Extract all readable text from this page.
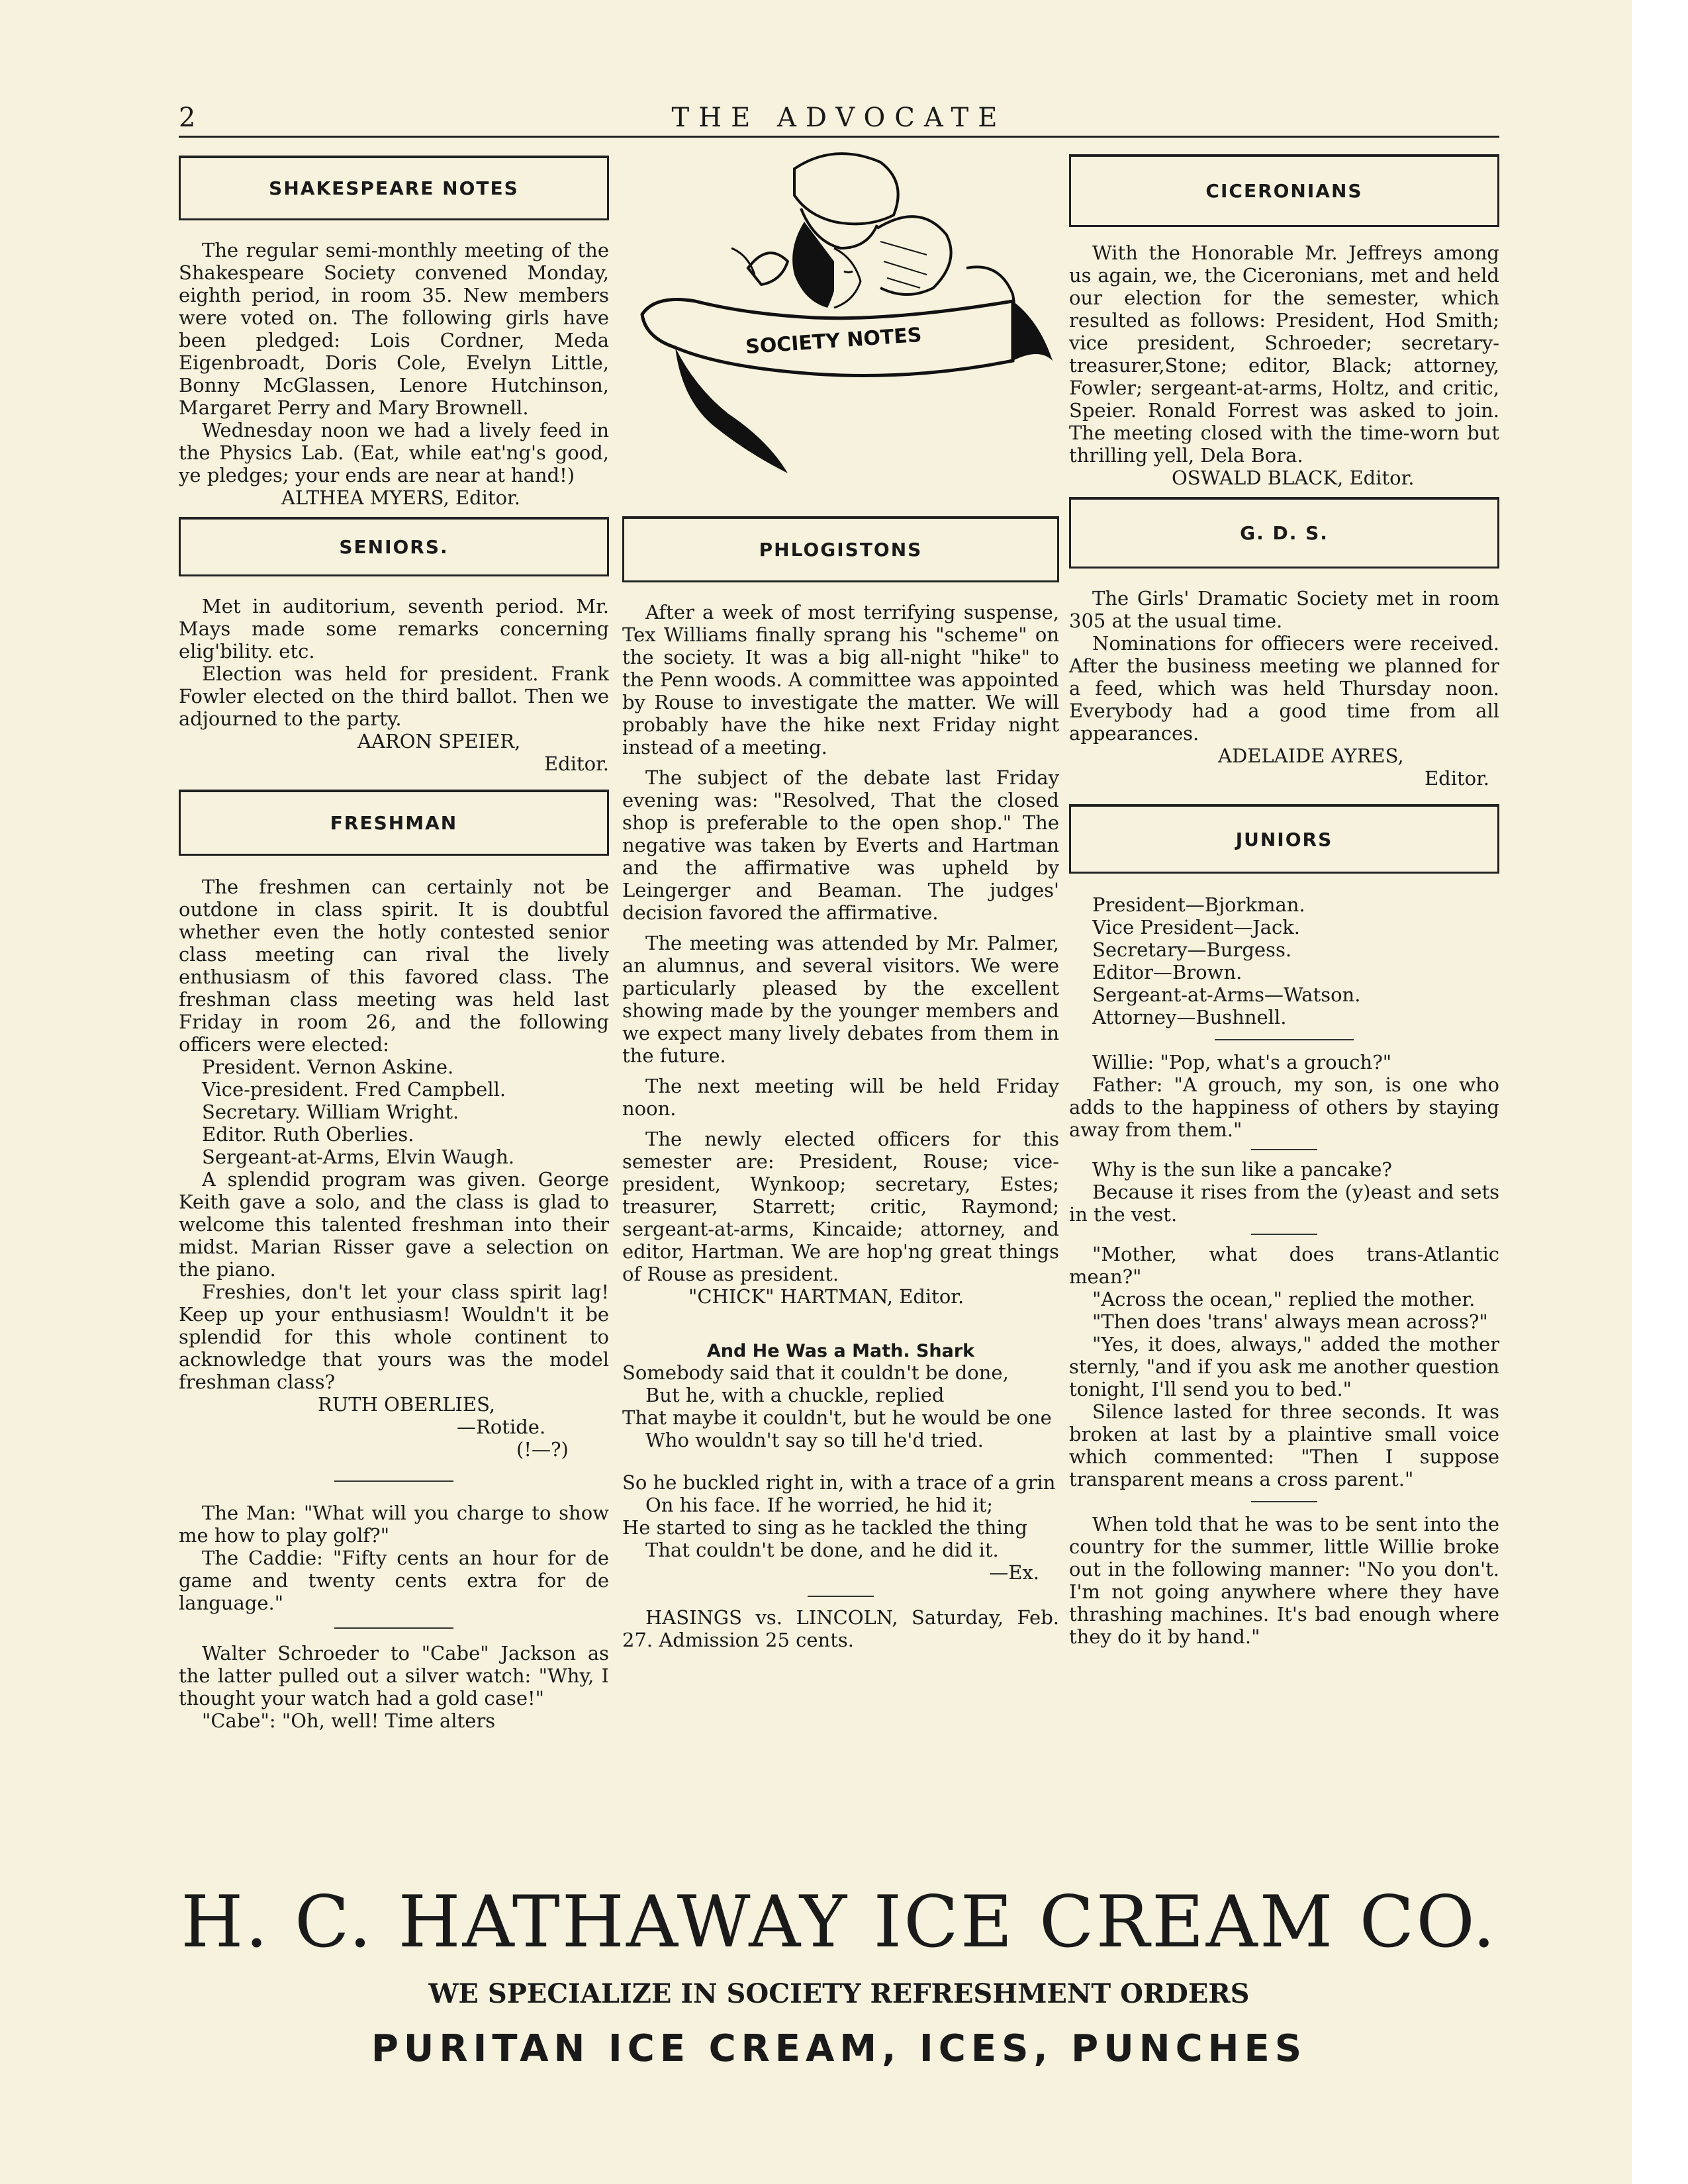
2	THE ADVOCATE
SHAKESPEARE NOTES

The regular semi-monthly meeting of the Shakespeare Society convened Monday, eighth period, in room 35. New members were voted on. The following girls have been pledged: Lois Cordner, Meda Eigenbroadt, Doris Cole, Evelyn Little, Bonny McGlassen, Lenore Hutchinson, Margaret Perry and Mary Brownell.

Wednesday noon we had a lively feed in the Physics Lab. (Eat, while eat'ng's good, ye pledges; your ends are near at hand!)

ALTHEA MYERS, Editor.

SENIORS.

Met in auditorium, seventh period. Mr. Mays made some remarks concerning elig'bility. etc.

Election was held for president. Frank Fowler elected on the third ballot. Then we adjourned to the party.

AARON SPEIER,

Editor.

FRESHMAN

The freshmen can certainly not be outdone in class spirit. It is doubtful whether even the hotly contested senior class meeting can rival the lively enthusiasm of this favored class. The freshman class meeting was held last Friday in room 26, and the following officers were elected:

President. Vernon Askine.

Vice-president. Fred Campbell.

Secretary. William Wright.

Editor. Ruth Oberlies.

Sergeant-at-Arms, Elvin Waugh.

A splendid program was given. George Keith gave a solo, and the class is glad to welcome this talented freshman into their midst. Marian Risser gave a selection on the piano.

Freshies, don't let your class spirit lag! Keep up your enthusiasm! Wouldn't it be splendid for this whole continent to acknowledge that yours was the model freshman class?

RUTH OBERLIES,

—Rotide.

(!—?)

The Man: "What will you charge to show me how to play golf?"

The Caddie: "Fifty cents an hour for de game and twenty cents extra for de language."

Walter Schroeder to "Cabe" Jackson as the latter pulled out a silver watch: "Why, I thought your watch had a gold case!"

"Cabe": "Oh, well! Time alters

SOCIETY NOTES
PHLOGISTONS

After a week of most terrifying suspense, Tex Williams finally sprang his "scheme" on the society. It was a big all-night "hike" to the Penn woods. A committee was appointed by Rouse to investigate the matter. We will probably have the hike next Friday night instead of a meeting.

The subject of the debate last Friday evening was: "Resolved, That the closed shop is preferable to the open shop." The negative was taken by Everts and Hartman and the affirmative was upheld by Leingerger and Beaman. The judges' decision favored the affirmative.

The meeting was attended by Mr. Palmer, an alumnus, and several visitors. We were particularly pleased by the excellent showing made by the younger members and we expect many lively debates from them in the future.

The next meeting will be held Friday noon.

The newly elected officers for this semester are: President, Rouse; vice-president, Wynkoop; secretary, Estes; treasurer, Starrett; critic, Raymond; sergeant-at-arms, Kincaide; attorney, and editor, Hartman. We are hop'ng great things of Rouse as president.

"CHICK" HARTMAN, Editor.

And He Was a Math. Shark

Somebody said that it couldn't be done,

But he, with a chuckle, replied

That maybe it couldn't, but he would be one

Who wouldn't say so till he'd tried.

So he buckled right in, with a trace of a grin

On his face. If he worried, he hid it;

He started to sing as he tackled the thing

That couldn't be done, and he did it.

—Ex.

HASINGS vs. LINCOLN, Saturday, Feb. 27. Admission 25 cents.

CICERONIANS

With the Honorable Mr. Jeffreys among us again, we, the Ciceronians, met and held our election for the semester, which resulted as follows: President, Hod Smith; vice president, Schroeder; secretary-treasurer,Stone; editor, Black; attorney, Fowler; sergeant-at-arms, Holtz, and critic, Speier. Ronald Forrest was asked to join. The meeting closed with the time-worn but thrilling yell, Dela Bora.

OSWALD BLACK, Editor.

G. D. S.

The Girls' Dramatic Society met in room 305 at the usual time.

Nominations for offiecers were received. After the business meeting we planned for a feed, which was held Thursday noon. Everybody had a good time from all appearances.

ADELAIDE AYRES,

Editor.

JUNIORS

President—Bjorkman.

Vice President—Jack.

Secretary—Burgess.

Editor—Brown.

Sergeant-at-Arms—Watson.

Attorney—Bushnell.

Willie: "Pop, what's a grouch?"

Father: "A grouch, my son, is one who adds to the happiness of others by staying away from them."

Why is the sun like a pancake?

Because it rises from the (y)east and sets in the vest.

"Mother, what does trans-Atlantic mean?"

"Across the ocean," replied the mother.

"Then does 'trans' always mean across?"

"Yes, it does, always," added the mother sternly, "and if you ask me another question tonight, I'll send you to bed."

Silence lasted for three seconds. It was broken at last by a plaintive small voice which commented: "Then I suppose transparent means a cross parent."

When told that he was to be sent into the country for the summer, little Willie broke out in the following manner: "No you don't. I'm not going anywhere where they have thrashing machines. It's bad enough where they do it by hand."

H. C. HATHAWAY ICE CREAM CO.
WE SPECIALIZE IN SOCIETY REFRESHMENT ORDERS
PURITAN ICE CREAM, ICES, PUNCHES
